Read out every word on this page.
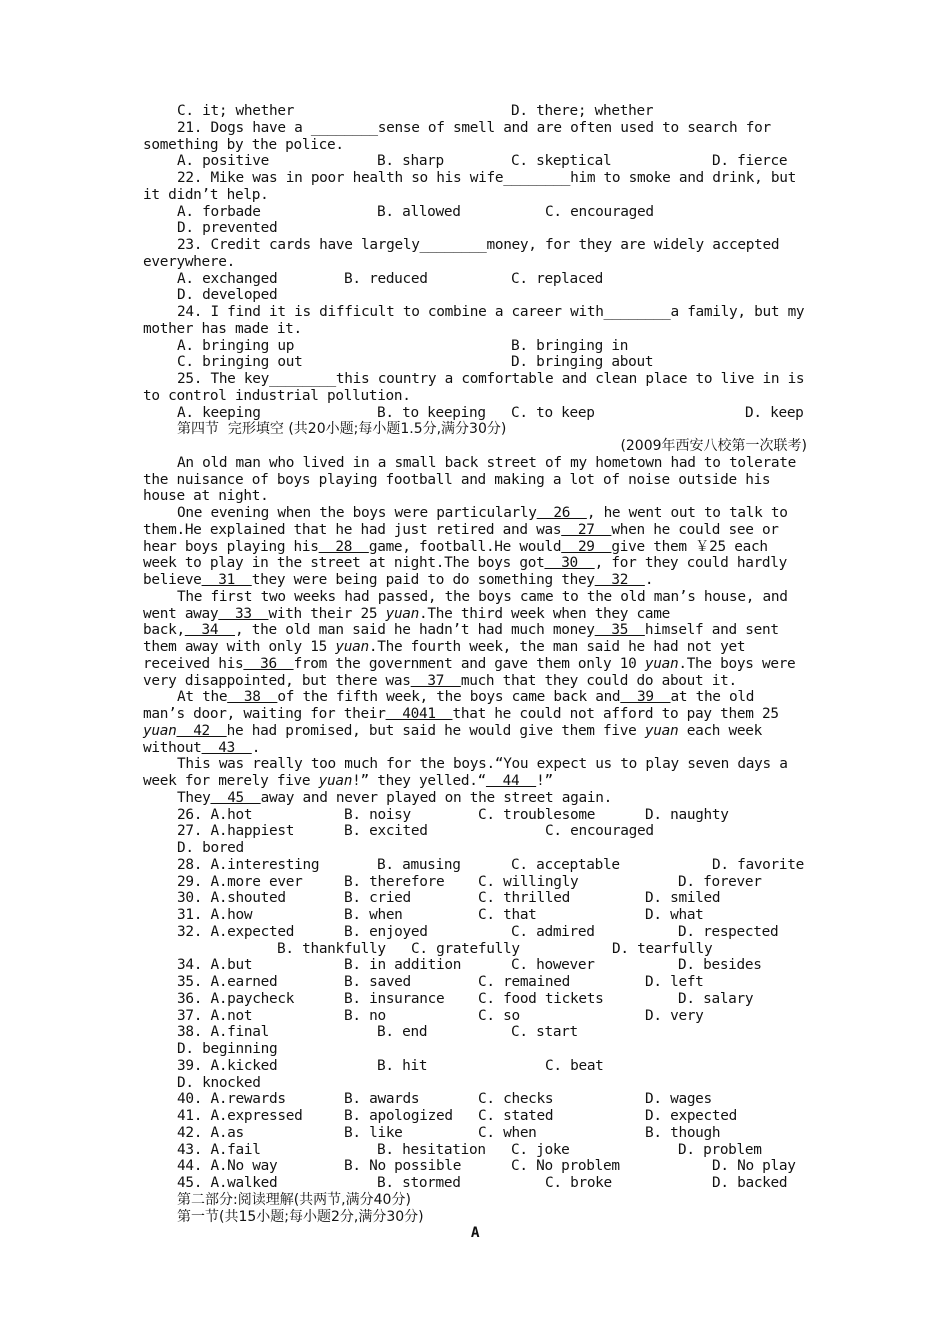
C. it; whether

	D. there; whether

21. Dogs have a ________sense of smell and are often used to search for
something by the police.

A. positive

	B. sharp

	C. skeptical

	D. fierce

22. Mike was in poor health so his wife________him to smoke and drink, but
it didn’t help.

A. forbade

	B. allowed

	C. encouraged

D. prevented
23. Credit cards have largely________money, for they are widely accepted
everywhere.

A. exchanged

	B. reduced

	C. replaced

D. developed
24. I find it is difficult to combine a career with________a family, but my
mother has made it.

A. bringing up

	B. bringing in

C. bringing out

	D. bringing about

25. The key________this country a comfortable and clean place to live in is
to control industrial pollution.

A. keeping

	B. to keeping

C. to keep

	D. keep

第四节  完形填空 (共20小题;每小题1.5分,满分30分)
(2009年西安八校第一次联考)
An old man who lived in a small back street of my hometown had to tolerate
the nuisance of boys playing football and making a lot of noise outside his
house at night.
One evening when the boys were particularly  26  , he went out to talk to
them.He explained that he had just retired and was  27  when he could see or
hear boys playing his  28  game, football.He would  29  give them ￥25 each
week to play in the street at night.The boys got  30  , for they could hardly
believe  31  they were being paid to do something they  32  .
The first two weeks had passed, the boys came to the old man’s house, and
went away  33  with their 25 yuan.The third week when they came
back,  34  , the old man said he hadn’t had much money  35  himself and sent
them away with only 15 yuan.The fourth week, the man said he had not yet
received his  36  from the government and gave them only 10 yuan.The boys were
very disappointed, but there was  37  much that they could do about it.
At the  38  of the fifth week, the boys came back and  39  at the old
man’s door, waiting for their  4041  that he could not afford to pay them 25
yuan  42  he had promised, but said he would give them five yuan each week
without  43  .
This was really too much for the boys.“You expect us to play seven days a
week for merely five yuan!” they yelled.“  44  !”
They  45  away and never played on the street again.

26. A.hot

	B. noisy

	C. troublesome

	D. naughty

27. A.happiest

	B. excited

	C. encouraged

D. bored

28. A.interesting

	B. amusing

	C. acceptable

	D. favorite

29. A.more ever

	B. therefore

C. willingly

	D. forever

30. A.shouted

	B. cried

	C. thrilled

	D. smiled

31. A.how

	B. when

	C. that

	D. what

32. A.expected

	B. enjoyed

	C. admired

	D. respected

B. thankfully

C. gratefully

	D. tearfully

34. A.but

	B. in addition

	C. however

	D. besides

35. A.earned

	B. saved

	C. remained

	D. left

36. A.paycheck

	B. insurance

C. food tickets

	D. salary

37. A.not

	B. no

	C. so

	D. very

38. A.final

	B. end

	C. start

D. beginning

39. A.kicked

	B. hit

	C. beat

D. knocked

40. A.rewards

	B. awards

	C. checks

	D. wages

41. A.expressed

	B. apologized

C. stated

	D. expected

42. A.as

	B. like

	C. when

	B. though

43. A.fail

	B. hesitation

C. joke

	D. problem

44. A.No way

	B. No possible

	C. No problem

	D. No play

45. A.walked

	B. stormed

	C. broke

	D. backed

第二部分:阅读理解(共两节,满分40分)
第一节(共15小题;每小题2分,满分30分)
A
